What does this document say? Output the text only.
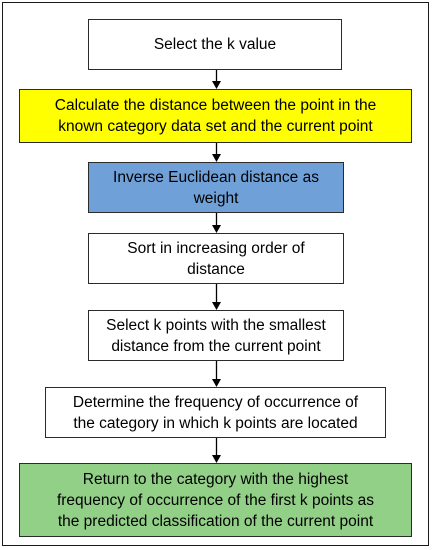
Select the k value
Calculate the distance between the point in the
known category data set and the current point
Inverse Euclidean distance as
weight
Sort in increasing order of
distance
Select k points with the smallest
distance from the current point
Determine the frequency of occurrence of
the category in which k points are located
Return to the category with the highest
frequency of occurrence of the first k points as
the predicted classification of the current point
